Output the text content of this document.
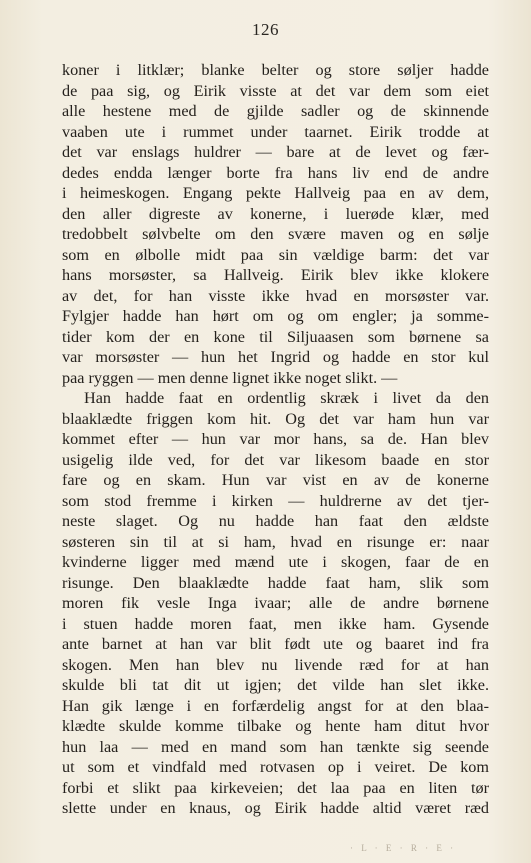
126
koner i litklær; blanke belter og store søljer hadde
de paa sig, og Eirik visste at det var dem som eiet
alle hestene med de gjilde sadler og de skinnende
vaaben ute i rummet under taarnet. Eirik trodde at
det var enslags huldrer — bare at de levet og fær-
dedes endda længer borte fra hans liv end de andre
i heimeskogen. Engang pekte Hallveig paa en av dem,
den aller digreste av konerne, i luerøde klær, med
tredobbelt sølvbelte om den svære maven og en sølje
som en ølbolle midt paa sin vældige barm: det var
hans morsøster, sa Hallveig. Eirik blev ikke klokere
av det, for han visste ikke hvad en morsøster var.
Fylgjer hadde han hørt om og om engler; ja somme-
tider kom der en kone til Siljuaasen som børnene sa
var morsøster — hun het Ingrid og hadde en stor kul
paa ryggen — men denne lignet ikke noget slikt. —
Han hadde faat en ordentlig skræk i livet da den
blaaklædte friggen kom hit. Og det var ham hun var
kommet efter — hun var mor hans, sa de. Han blev
usigelig ilde ved, for det var likesom baade en stor
fare og en skam. Hun var vist en av de konerne
som stod fremme i kirken — huldrerne av det tjer-
neste slaget. Og nu hadde han faat den ældste
søsteren sin til at si ham, hvad en risunge er: naar
kvinderne ligger med mænd ute i skogen, faar de en
risunge. Den blaaklædte hadde faat ham, slik som
moren fik vesle Inga ivaar; alle de andre børnene
i stuen hadde moren faat, men ikke ham. Gysende
ante barnet at han var blit født ute og baaret ind fra
skogen. Men han blev nu livende ræd for at han
skulde bli tat dit ut igjen; det vilde han slet ikke.
Han gik længe i en forfærdelig angst for at den blaa-
klædte skulde komme tilbake og hente ham ditut hvor
hun laa — med en mand som han tænkte sig seende
ut som et vindfald med rotvasen op i veiret. De kom
forbi et slikt paa kirkeveien; det laa paa en liten tør
slette under en knaus, og Eirik hadde altid været ræd
· L · E · R · E ·
